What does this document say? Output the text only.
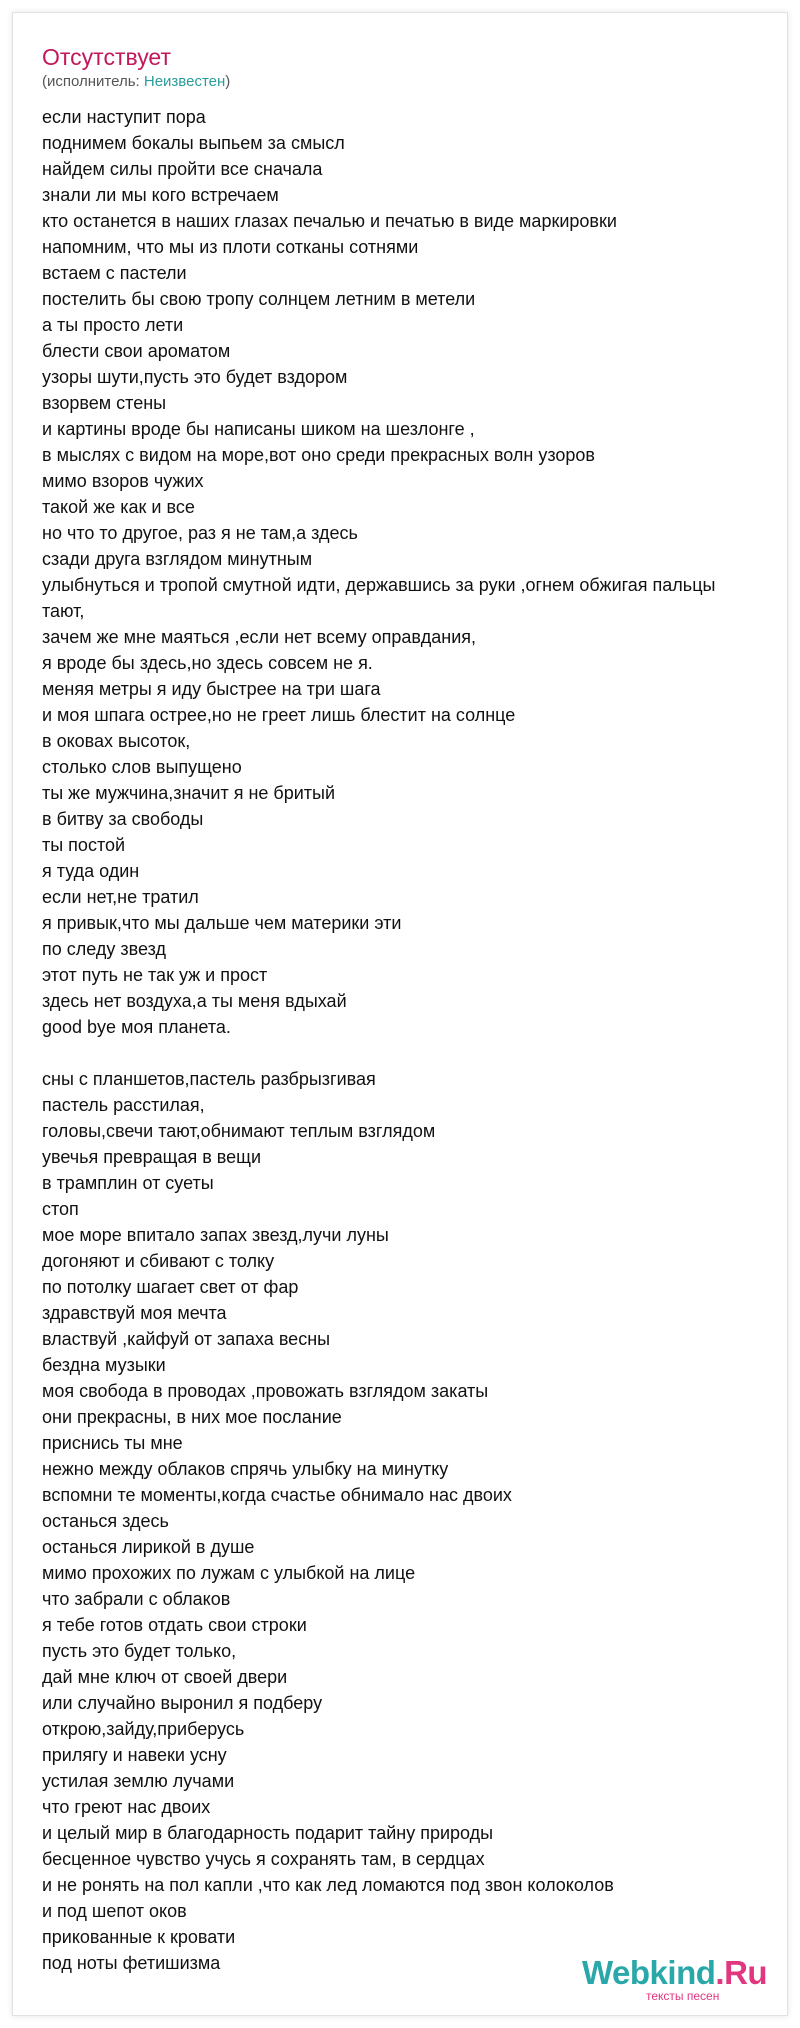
Отсутствует
(исполнитель: Неизвестен)
если наступит пора
поднимем бокалы выпьем за смысл
найдем силы пройти все сначала
знали ли мы кого встречаем
кто останется в наших глазах печалью и печатью в виде маркировки
напомним, что мы из плоти сотканы сотнями
встаем с пастели
постелить бы свою тропу солнцем летним в метели
а ты просто лети
блести свои ароматом
узоры шути,пусть это будет вздором
взорвем стены
и картины вроде бы написаны шиком на шезлонге ,
в мыслях с видом на море,вот оно среди прекрасных волн узоров
мимо взоров чужих
такой же как и все
но что то другое, раз я не там,а здесь
сзади друга взглядом минутным
улыбнуться и тропой смутной идти, державшись за руки ,огнем обжигая пальцы тают,
зачем же мне маяться ,если нет всему оправдания,
я вроде бы здесь,но здесь совсем не я.
меняя метры я иду быстрее на три шага
и моя шпага острее,но не греет лишь блестит на солнце
в оковах высоток,
столько слов выпущено
ты же мужчина,значит я не бритый
в битву за свободы
ты постой
я туда один
если нет,не тратил
я привык,что мы дальше чем материки эти
по следу звезд
этот путь не так уж и прост
здесь нет воздуха,а ты меня вдыхай
good bye моя планета.
сны с планшетов,пастель разбрызгивая
пастель расстилая,
головы,свечи тают,обнимают теплым взглядом
увечья превращая в вещи
в трамплин от суеты
стоп
мое море впитало запах звезд,лучи луны
догоняют и сбивают с толку
по потолку шагает свет от фар
здравствуй моя мечта
властвуй ,кайфуй от запаха весны
бездна музыки
моя свобода в проводах ,провожать взглядом закаты
они прекрасны, в них мое послание
приснись ты мне
нежно между облаков спрячь улыбку на минутку
вспомни те моменты,когда счастье обнимало нас двоих
останься здесь
останься лирикой в душе
мимо прохожих по лужам с улыбкой на лице
что забрали с облаков
я тебе готов отдать свои строки
пусть это будет только,
дай мне ключ от своей двери
или случайно выронил я подберу
открою,зайду,приберусь
прилягу и навеки усну
устилая землю лучами
что греют нас двоих
и целый мир в благодарность подарит тайну природы
бесценное чувство учусь я сохранять там, в сердцах
и не ронять на пол капли ,что как лед ломаются под звон колоколов
и под шепот оков
прикованные к кровати
под ноты фетишизма	Webkind.Ru
тексты песен
